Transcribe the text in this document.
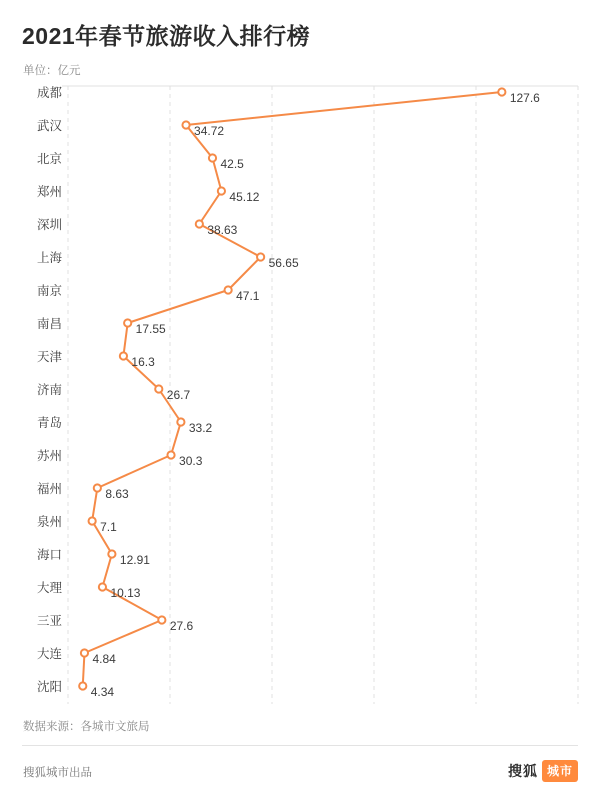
2021年春节旅游收入排行榜
单位：亿元
成都
武汉
北京
郑州
深圳
上海
南京
南昌
天津
济南
青岛
苏州
福州
泉州
海口
大理
三亚
大连
沈阳
127.6
34.72
42.5
45.12
38.63
56.65
47.1
17.55
16.3
26.7
33.2
30.3
8.63
7.1
12.91
10.13
27.6
4.84
4.34
数据来源：各城市文旅局
搜狐城市出品	搜狐 城市
